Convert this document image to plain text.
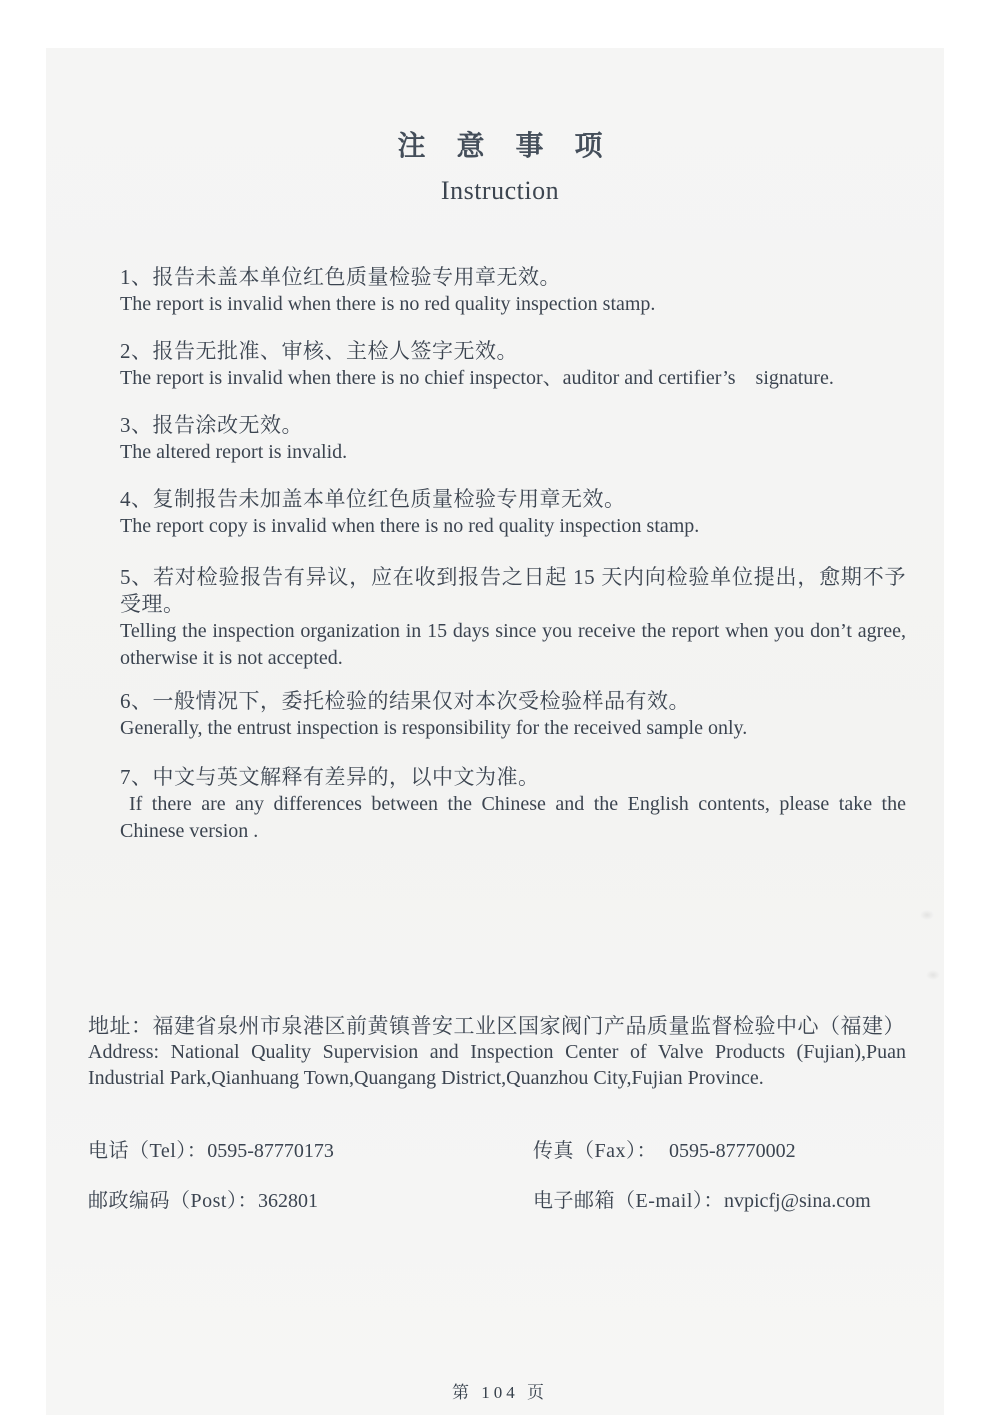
注意事项
Instruction
1、报告未盖本单位红色质量检验专用章无效。
The report is invalid when there is no red quality inspection stamp.
2、报告无批准、审核、主检人签字无效。
The report is invalid when there is no chief inspector、auditor and certifier’s signature.
3、报告涂改无效。
The altered report is invalid.
4、复制报告未加盖本单位红色质量检验专用章无效。
The report copy is invalid when there is no red quality inspection stamp.
5、若对检验报告有异议，应在收到报告之日起 15 天内向检验单位提出，愈期不予受理。
Telling the inspection organization in 15 days since you receive the report when you don’t agree, otherwise it is not accepted.
6、一般情况下，委托检验的结果仅对本次受检验样品有效。
Generally, the entrust inspection is responsibility for the received sample only.
7、中文与英文解释有差异的，以中文为准。
If there are any differences between the Chinese and the English contents, please take the Chinese version .
地址：福建省泉州市泉港区前黄镇普安工业区国家阀门产品质量监督检验中心（福建）
Address: National Quality Supervision and Inspection Center of Valve Products (Fujian),Puan Industrial Park,Qianhuang Town,Quangang District,Quanzhou City,Fujian Province.
电话（Tel）：0595-87770173	传真（Fax）： 0595-87770002
邮政编码（Post）：362801	电子邮箱（E-mail）：nvpicfj@sina.com
第 104 页
